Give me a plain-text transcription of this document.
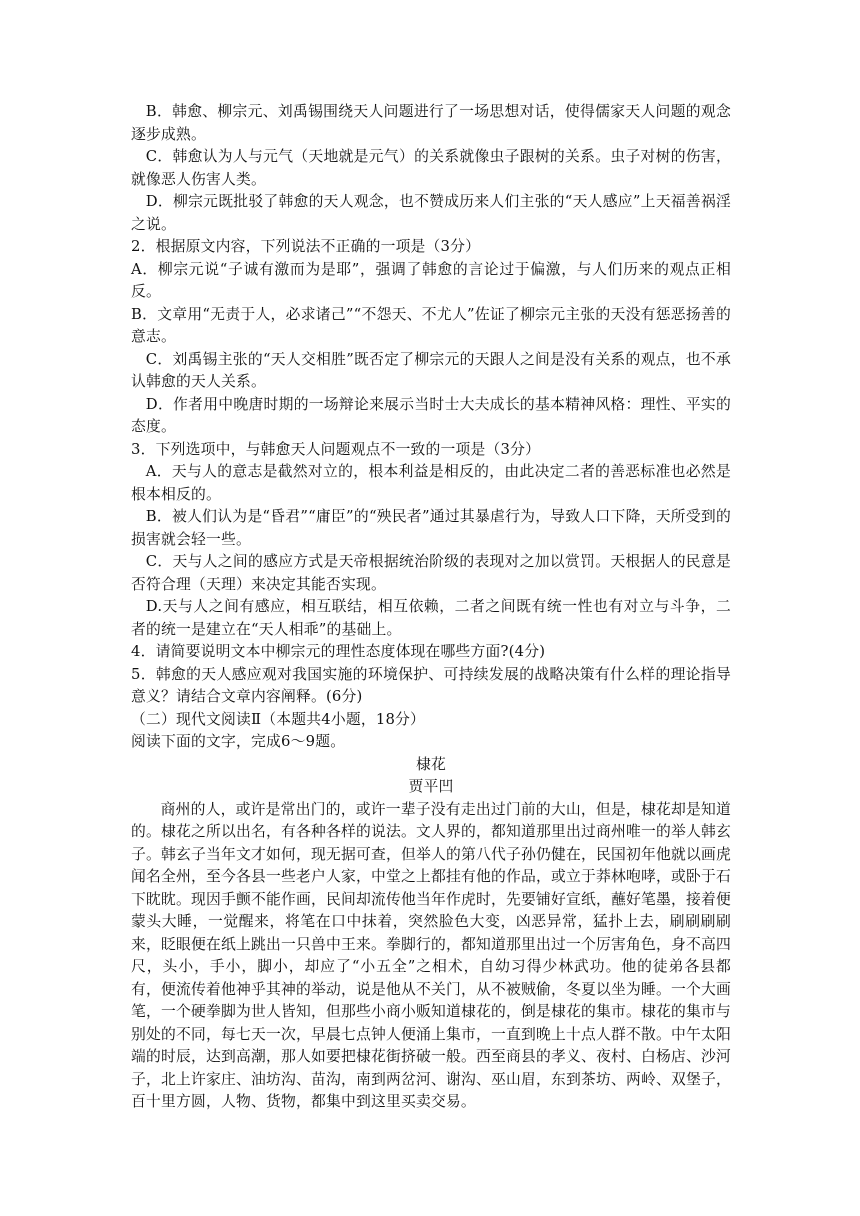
B．韩愈、柳宗元、刘禹锡围绕天人问题进行了一场思想对话，使得儒家天人问题的观念逐步成熟。

C．韩愈认为人与元气（天地就是元气）的关系就像虫子跟树的关系。虫子对树的伤害，就像恶人伤害人类。

D．柳宗元既批驳了韩愈的天人观念，也不赞成历来人们主张的“天人感应”上天福善祸淫之说。

2．根据原文内容，下列说法不正确的一项是（3分）

A．柳宗元说“子诚有激而为是耶”，强调了韩愈的言论过于偏激，与人们历来的观点正相反。

B．文章用“无责于人，必求诸己”“不怨天、不尤人”佐证了柳宗元主张的天没有惩恶扬善的意志。

C．刘禹锡主张的“天人交相胜”既否定了柳宗元的天跟人之间是没有关系的观点，也不承认韩愈的天人关系。

D．作者用中晚唐时期的一场辩论来展示当时士大夫成长的基本精神风格：理性、平实的态度。

3．下列选项中，与韩愈天人问题观点不一致的一项是（3分）

A．天与人的意志是截然对立的，根本利益是相反的，由此决定二者的善恶标准也必然是根本相反的。

B．被人们认为是“昏君”“庸臣”的“殃民者”通过其暴虐行为，导致人口下降，天所受到的损害就会轻一些。

C．天与人之间的感应方式是天帝根据统治阶级的表现对之加以赏罚。天根据人的民意是否符合理（天理）来决定其能否实现。

D.天与人之间有感应，相互联结，相互依赖，二者之间既有统一性也有对立与斗争，二者的统一是建立在“天人相乖”的基础上。

4．请简要说明文本中柳宗元的理性态度体现在哪些方面?(4分)

5．韩愈的天人感应观对我国实施的环境保护、可持续发展的战略决策有什么样的理论指导意义？请结合文章内容阐释。(6分)

（二）现代文阅读Ⅱ（本题共4小题，18分）

阅读下面的文字，完成6～9题。

棣花

贾平凹

商州的人，或许是常出门的，或许一辈子没有走出过门前的大山，但是，棣花却是知道的。棣花之所以出名，有各种各样的说法。文人界的，都知道那里出过商州唯一的举人韩玄子。韩玄子当年文才如何，现无据可查，但举人的第八代子孙仍健在，民国初年他就以画虎闻名全州，至今各县一些老户人家，中堂之上都挂有他的作品，或立于莽林咆哮，或卧于石下眈眈。现因手颤不能作画，民间却流传他当年作虎时，先要铺好宣纸，蘸好笔墨，接着便蒙头大睡，一觉醒来，将笔在口中抹着，突然脸色大变，凶恶异常，猛扑上去，刷刷刷刷来，眨眼便在纸上跳出一只兽中王来。拳脚行的，都知道那里出过一个厉害角色，身不高四尺，头小，手小，脚小，却应了“小五全”之相术，自幼习得少林武功。他的徒弟各县都有，便流传着他神乎其神的举动，说是他从不关门，从不被贼偷，冬夏以坐为睡。一个大画笔，一个硬拳脚为世人皆知，但那些小商小贩知道棣花的，倒是棣花的集市。棣花的集市与别处的不同，每七天一次，早晨七点钟人便涌上集市，一直到晚上十点人群不散。中午太阳端的时辰，达到高潮，那人如要把棣花街挤破一般。西至商县的孝义、夜村、白杨店、沙河子，北上许家庄、油坊沟、苗沟，南到两岔河、谢沟、巫山眉，东到茶坊、两岭、双堡子，百十里方圆，人物、货物，都集中到这里买卖交易。
